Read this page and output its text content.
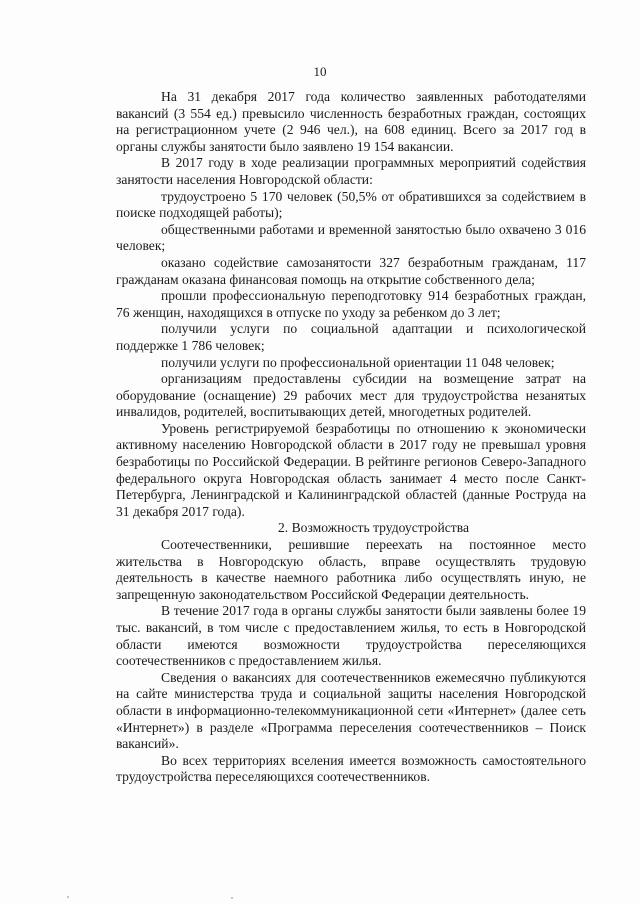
10

На 31 декабря 2017 года количество заявленных работодателями вакансий (3 554 ед.) превысило численность безработных граждан, состоящих на регистрационном учете (2 946 чел.), на 608 единиц. Всего за 2017 год в органы службы занятости было заявлено 19 154 вакансии.

В 2017 году в ходе реализации программных мероприятий содействия занятости населения Новгородской области:

трудоустроено 5 170 человек (50,5% от обратившихся за содействием в поиске подходящей работы);

общественными работами и временной занятостью было охвачено 3 016 человек;

оказано содействие самозанятости 327 безработным гражданам, 117 гражданам оказана финансовая помощь на открытие собственного дела;

прошли профессиональную переподготовку 914 безработных граждан, 76 женщин, находящихся в отпуске по уходу за ребенком до 3 лет;

получили услуги по социальной адаптации и психологической поддержке 1 786 человек;

получили услуги по профессиональной ориентации 11 048 человек;

организациям предоставлены субсидии на возмещение затрат на оборудование (оснащение) 29 рабочих мест для трудоустройства незанятых инвалидов, родителей, воспитывающих детей, многодетных родителей.

Уровень регистрируемой безработицы по отношению к экономически активному населению Новгородской области в 2017 году не превышал уровня безработицы по Российской Федерации. В рейтинге регионов Северо-Западного федерального округа Новгородская область занимает 4 место после Санкт-Петербурга, Ленинградской и Калининградской областей (данные Роструда на 31 декабря 2017 года).

2. Возможность трудоустройства

Соотечественники, решившие переехать на постоянное место жительства в Новгородскую область, вправе осуществлять трудовую деятельность в качестве наемного работника либо осуществлять иную, не запрещенную законодательством Российской Федерации деятельность.

В течение 2017 года в органы службы занятости были заявлены более 19 тыс. вакансий, в том числе с предоставлением жилья, то есть в Новгородской области имеются возможности трудоустройства переселяющихся соотечественников с предоставлением жилья.

Сведения о вакансиях для соотечественников ежемесячно публикуются на сайте министерства труда и социальной защиты населения Новгородской области в информационно-телекоммуникационной сети «Интернет» (далее сеть «Интернет») в разделе «Программа переселения соотечественников – Поиск вакансий».

Во всех территориях вселения имеется возможность самостоятельного трудоустройства переселяющихся соотечественников.
